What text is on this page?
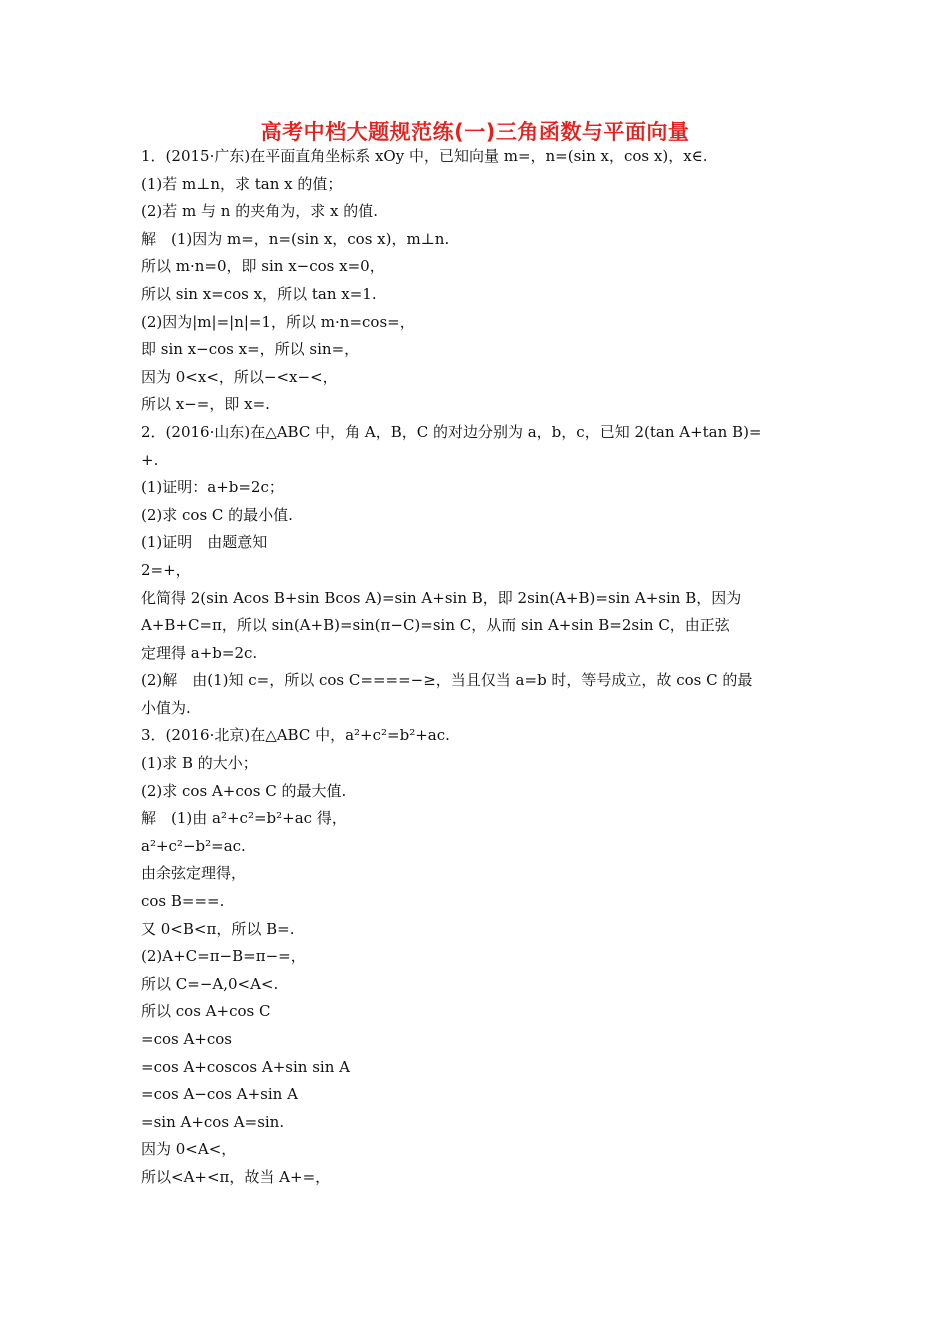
高考中档大题规范练(一)三角函数与平面向量
1．(2015·广东)在平面直角坐标系 xOy 中，已知向量 m=，n=(sin x，cos x)，x∈.
(1)若 m⊥n，求 tan x 的值；
(2)若 m 与 n 的夹角为，求 x 的值.
解　(1)因为 m=，n=(sin x，cos x)，m⊥n.
所以 m·n=0，即 sin x−cos x=0，
所以 sin x=cos x，所以 tan x=1.
(2)因为|m|=|n|=1，所以 m·n=cos=，
即 sin x−cos x=，所以 sin=，
因为 0<x<，所以−<x−<，
所以 x−=，即 x=.
2．(2016·山东)在△ABC 中，角 A，B，C 的对边分别为 a，b，c，已知 2(tan A+tan B)=
+.
(1)证明：a+b=2c；
(2)求 cos C 的最小值.
(1)证明　由题意知
2=+，
化简得 2(sin Acos B+sin Bcos A)=sin A+sin B，即 2sin(A+B)=sin A+sin B，因为
A+B+C=π，所以 sin(A+B)=sin(π−C)=sin C，从而 sin A+sin B=2sin C，由正弦
定理得 a+b=2c.
(2)解　由(1)知 c=，所以 cos C====−≥，当且仅当 a=b 时，等号成立，故 cos C 的最
小值为.
3．(2016·北京)在△ABC 中，a²+c²=b²+ac.
(1)求 B 的大小；
(2)求 cos A+cos C 的最大值.
解　(1)由 a²+c²=b²+ac 得，
a²+c²−b²=ac.
由余弦定理得，
cos B===.
又 0<B<π，所以 B=.
(2)A+C=π−B=π−=，
所以 C=−A,0<A<.
所以 cos A+cos C
=cos A+cos
=cos A+coscos A+sin sin A
=cos A−cos A+sin A
=sin A+cos A=sin.
因为 0<A<，
所以<A+<π，故当 A+=，
